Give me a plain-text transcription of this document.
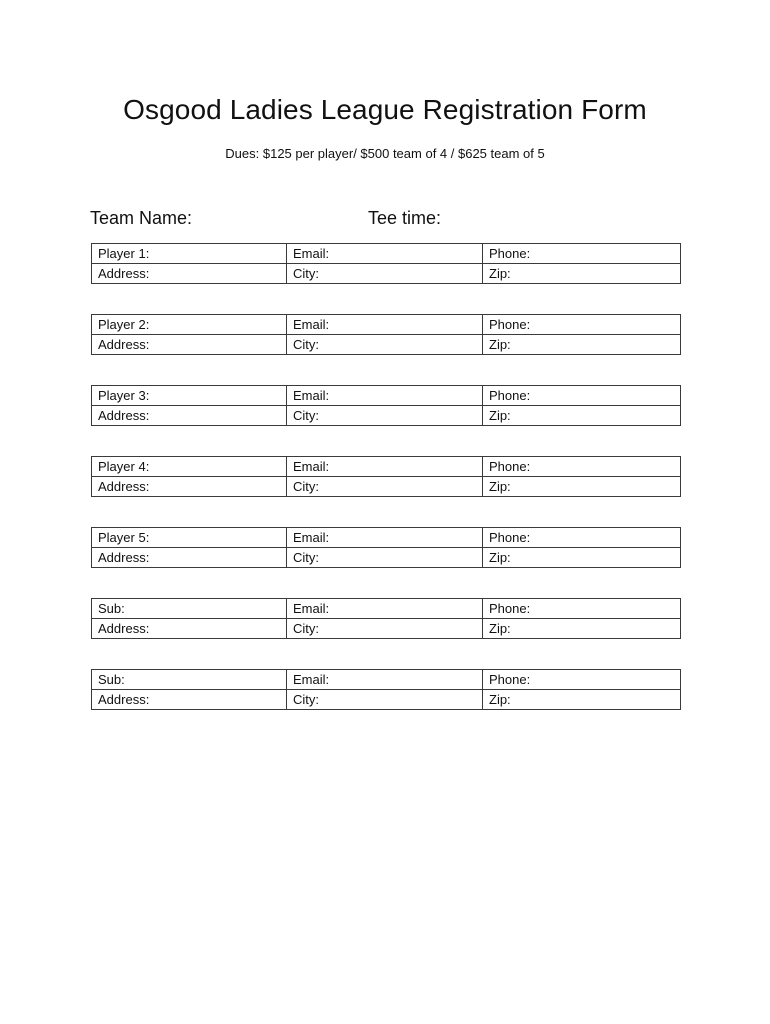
Osgood Ladies League Registration Form
Dues: $125 per player/ $500 team of 4 / $625 team of 5
Team Name:	Tee time:
Player 1:	Email:	Phone:
Address:	City:	Zip:
Player 2:	Email:	Phone:
Address:	City:	Zip:
Player 3:	Email:	Phone:
Address:	City:	Zip:
Player 4:	Email:	Phone:
Address:	City:	Zip:
Player 5:	Email:	Phone:
Address:	City:	Zip:
Sub:	Email:	Phone:
Address:	City:	Zip:
Sub:	Email:	Phone:
Address:	City:	Zip:
